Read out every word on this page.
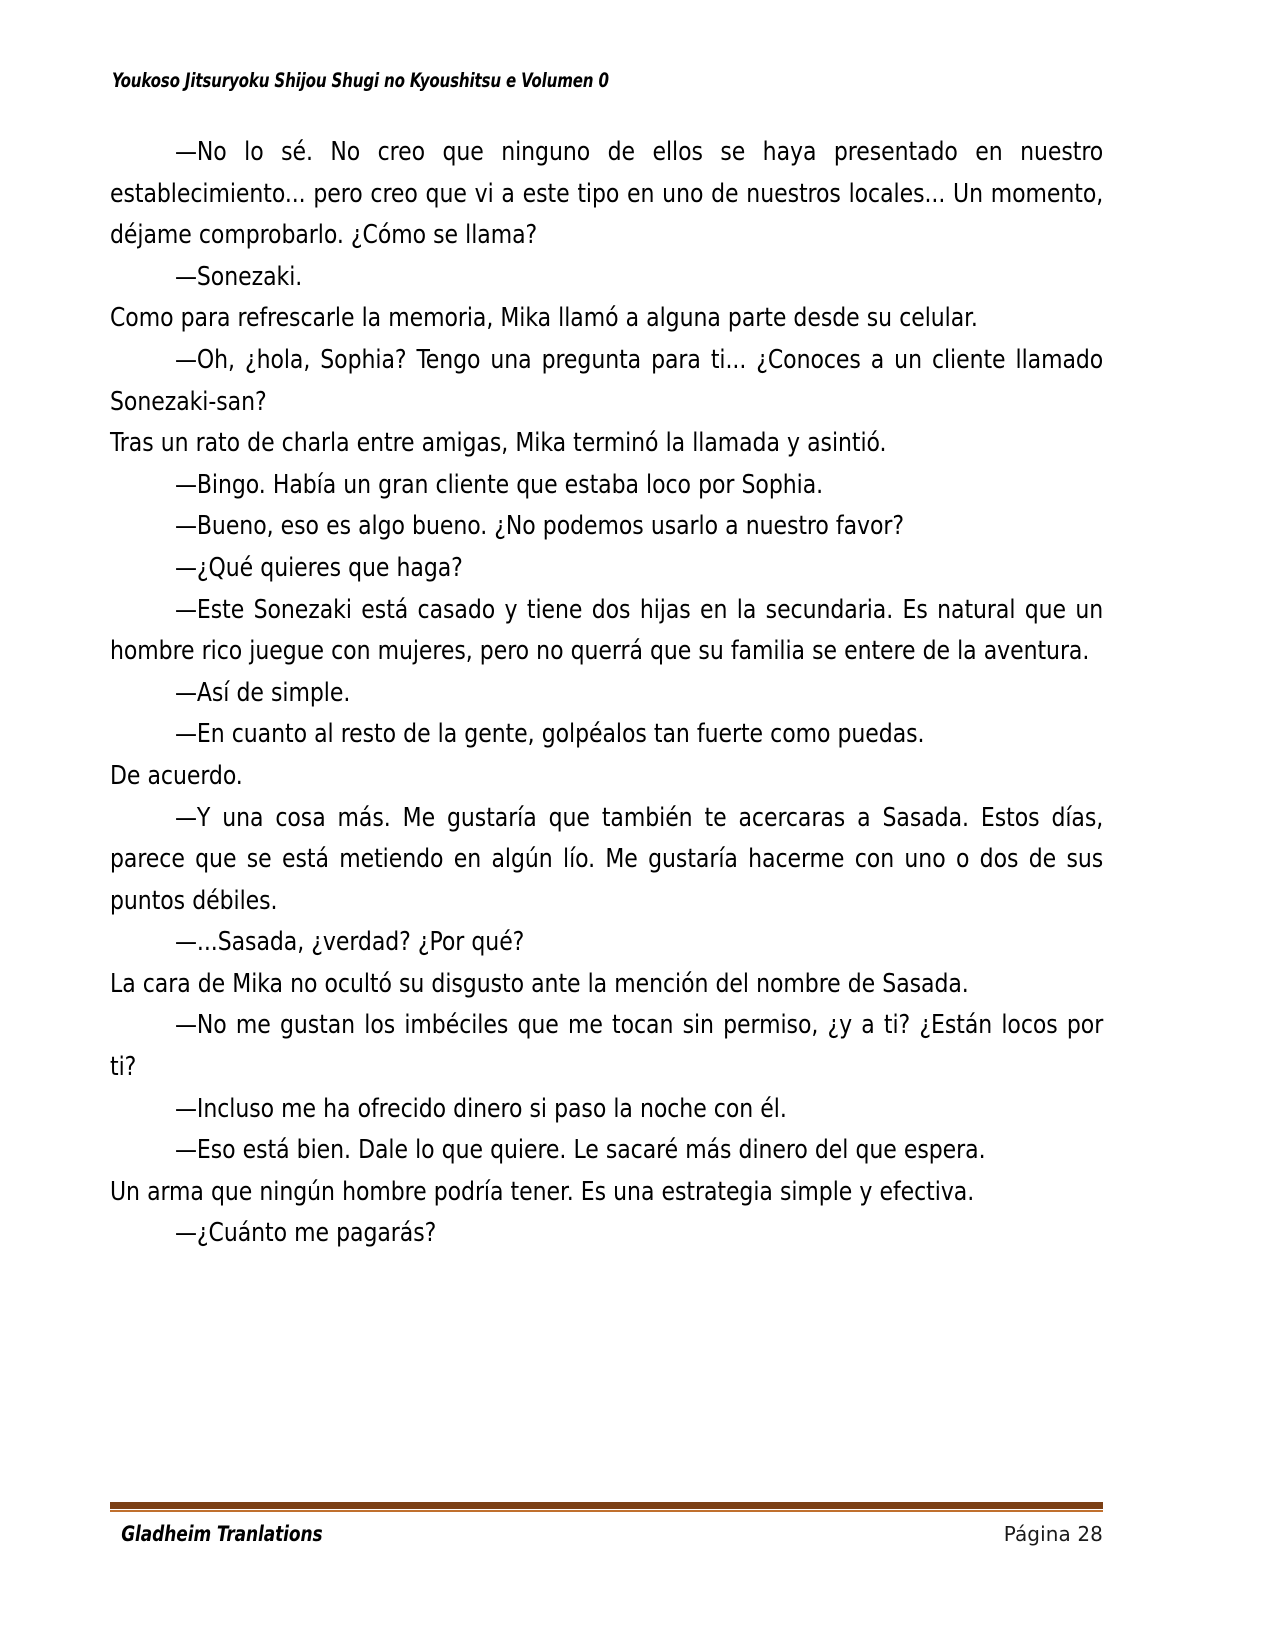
Youkoso Jitsuryoku Shijou Shugi no Kyoushitsu e Volumen 0

—No lo sé. No creo que ninguno de ellos se haya presentado en nuestro establecimiento... pero creo que vi a este tipo en uno de nuestros locales... Un momento, déjame comprobarlo. ¿Cómo se llama?

—Sonezaki.

Como para refrescarle la memoria, Mika llamó a alguna parte desde su celular.

—Oh, ¿hola, Sophia? Tengo una pregunta para ti... ¿Conoces a un cliente llamado Sonezaki-san?

Tras un rato de charla entre amigas, Mika terminó la llamada y asintió.

—Bingo. Había un gran cliente que estaba loco por Sophia.

—Bueno, eso es algo bueno. ¿No podemos usarlo a nuestro favor?

—¿Qué quieres que haga?

—Este Sonezaki está casado y tiene dos hijas en la secundaria. Es natural que un hombre rico juegue con mujeres, pero no querrá que su familia se entere de la aventura.

—Así de simple.

—En cuanto al resto de la gente, golpéalos tan fuerte como puedas.

De acuerdo.

—Y una cosa más. Me gustaría que también te acercaras a Sasada. Estos días, parece que se está metiendo en algún lío. Me gustaría hacerme con uno o dos de sus puntos débiles.

—...Sasada, ¿verdad? ¿Por qué?

La cara de Mika no ocultó su disgusto ante la mención del nombre de Sasada.

—No me gustan los imbéciles que me tocan sin permiso, ¿y a ti? ¿Están locos por ti?

—Incluso me ha ofrecido dinero si paso la noche con él.

—Eso está bien. Dale lo que quiere. Le sacaré más dinero del que espera.

Un arma que ningún hombre podría tener. Es una estrategia simple y efectiva.

—¿Cuánto me pagarás?

Gladheim Tranlations	Página 28
